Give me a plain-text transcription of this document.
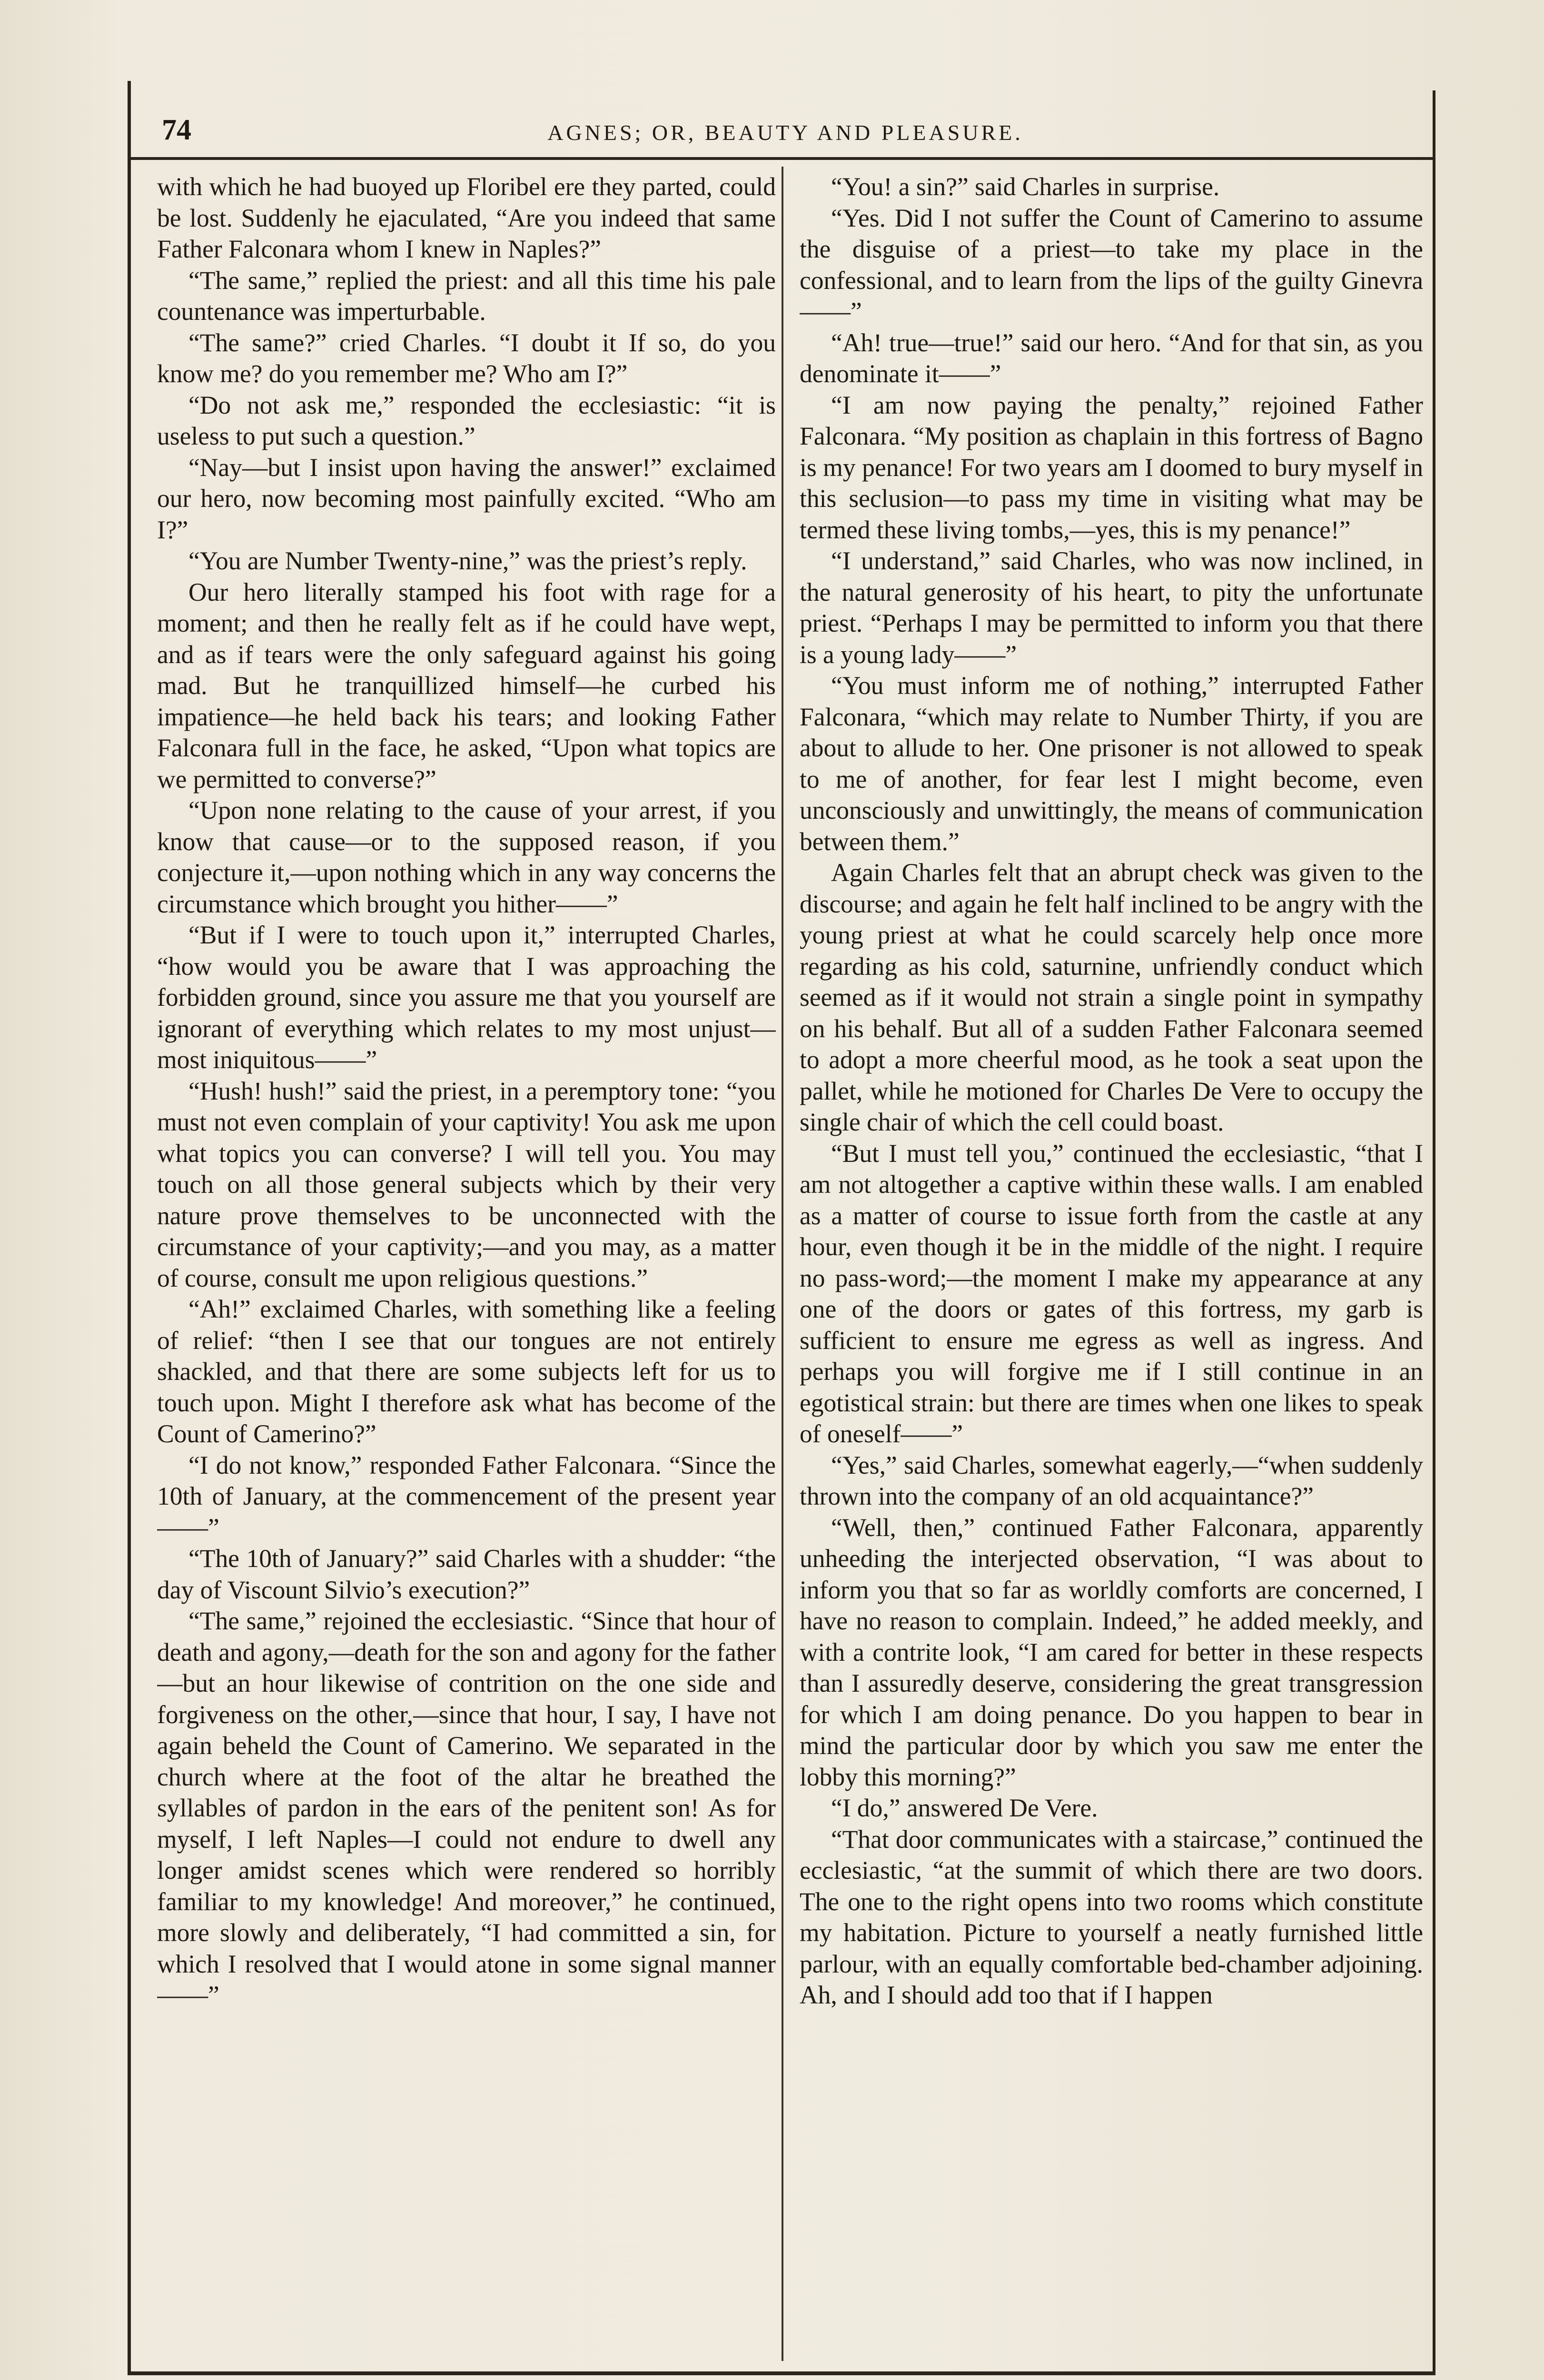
74	AGNES; OR, BEAUTY AND PLEASURE.

with which he had buoyed up Floribel ere they parted, could be lost. Suddenly he ejaculated, “Are you indeed that same Father Falconara whom I knew in Naples?”

“The same,” replied the priest: and all this time his pale countenance was imperturbable.

“The same?” cried Charles. “I doubt it If so, do you know me? do you remember me? Who am I?”

“Do not ask me,” responded the ecclesiastic: “it is useless to put such a question.”

“Nay—but I insist upon having the answer!” exclaimed our hero, now becoming most painfully excited. “Who am I?”

“You are Number Twenty-nine,” was the priest’s reply.

Our hero literally stamped his foot with rage for a moment; and then he really felt as if he could have wept, and as if tears were the only safeguard against his going mad. But he tranquillized himself—he curbed his impatience—he held back his tears; and looking Father Falconara full in the face, he asked, “Upon what topics are we permitted to converse?”

“Upon none relating to the cause of your arrest, if you know that cause—or to the supposed reason, if you conjecture it,—upon nothing which in any way concerns the circumstance which brought you hither——”

“But if I were to touch upon it,” interrupted Charles, “how would you be aware that I was approaching the forbidden ground, since you assure me that you yourself are ignorant of everything which relates to my most unjust—most iniquitous——”

“Hush! hush!” said the priest, in a peremptory tone: “you must not even complain of your captivity! You ask me upon what topics you can converse? I will tell you. You may touch on all those general subjects which by their very nature prove themselves to be unconnected with the circumstance of your captivity;—and you may, as a matter of course, consult me upon religious questions.”

“Ah!” exclaimed Charles, with something like a feeling of relief: “then I see that our tongues are not entirely shackled, and that there are some subjects left for us to touch upon. Might I therefore ask what has become of the Count of Camerino?”

“I do not know,” responded Father Falconara. “Since the 10th of January, at the commencement of the present year——”

“The 10th of January?” said Charles with a shudder: “the day of Viscount Silvio’s execution?”

“The same,” rejoined the ecclesiastic. “Since that hour of death and agony,—death for the son and agony for the father—but an hour likewise of contrition on the one side and forgiveness on the other,—since that hour, I say, I have not again beheld the Count of Camerino. We separated in the church where at the foot of the altar he breathed the syllables of pardon in the ears of the penitent son! As for myself, I left Naples—I could not endure to dwell any longer amidst scenes which were rendered so horribly familiar to my knowledge! And moreover,” he continued, more slowly and deliberately, “I had committed a sin, for which I resolved that I would atone in some signal manner——”

“You! a sin?” said Charles in surprise.

“Yes. Did I not suffer the Count of Camerino to assume the disguise of a priest—to take my place in the confessional, and to learn from the lips of the guilty Ginevra——”

“Ah! true—true!” said our hero. “And for that sin, as you denominate it——”

“I am now paying the penalty,” rejoined Father Falconara. “My position as chaplain in this fortress of Bagno is my penance! For two years am I doomed to bury myself in this seclusion—to pass my time in visiting what may be termed these living tombs,—yes, this is my penance!”

“I understand,” said Charles, who was now inclined, in the natural generosity of his heart, to pity the unfortunate priest. “Perhaps I may be permitted to inform you that there is a young lady——”

“You must inform me of nothing,” interrupted Father Falconara, “which may relate to Number Thirty, if you are about to allude to her. One prisoner is not allowed to speak to me of another, for fear lest I might become, even unconsciously and unwittingly, the means of communication between them.”

Again Charles felt that an abrupt check was given to the discourse; and again he felt half inclined to be angry with the young priest at what he could scarcely help once more regarding as his cold, saturnine, unfriendly conduct which seemed as if it would not strain a single point in sympathy on his behalf. But all of a sudden Father Falconara seemed to adopt a more cheerful mood, as he took a seat upon the pallet, while he motioned for Charles De Vere to occupy the single chair of which the cell could boast.

“But I must tell you,” continued the ecclesiastic, “that I am not altogether a captive within these walls. I am enabled as a matter of course to issue forth from the castle at any hour, even though it be in the middle of the night. I require no pass-word;—the moment I make my appearance at any one of the doors or gates of this fortress, my garb is sufficient to ensure me egress as well as ingress. And perhaps you will forgive me if I still continue in an egotistical strain: but there are times when one likes to speak of oneself——”

“Yes,” said Charles, somewhat eagerly,—“when suddenly thrown into the company of an old acquaintance?”

“Well, then,” continued Father Falconara, apparently unheeding the interjected observation, “I was about to inform you that so far as worldly comforts are concerned, I have no reason to complain. Indeed,” he added meekly, and with a contrite look, “I am cared for better in these respects than I assuredly deserve, considering the great transgression for which I am doing penance. Do you happen to bear in mind the particular door by which you saw me enter the lobby this morning?”

“I do,” answered De Vere.

“That door communicates with a staircase,” continued the ecclesiastic, “at the summit of which there are two doors. The one to the right opens into two rooms which constitute my habitation. Picture to yourself a neatly furnished little parlour, with an equally comfortable bed-chamber adjoining. Ah, and I should add too that if I happen
